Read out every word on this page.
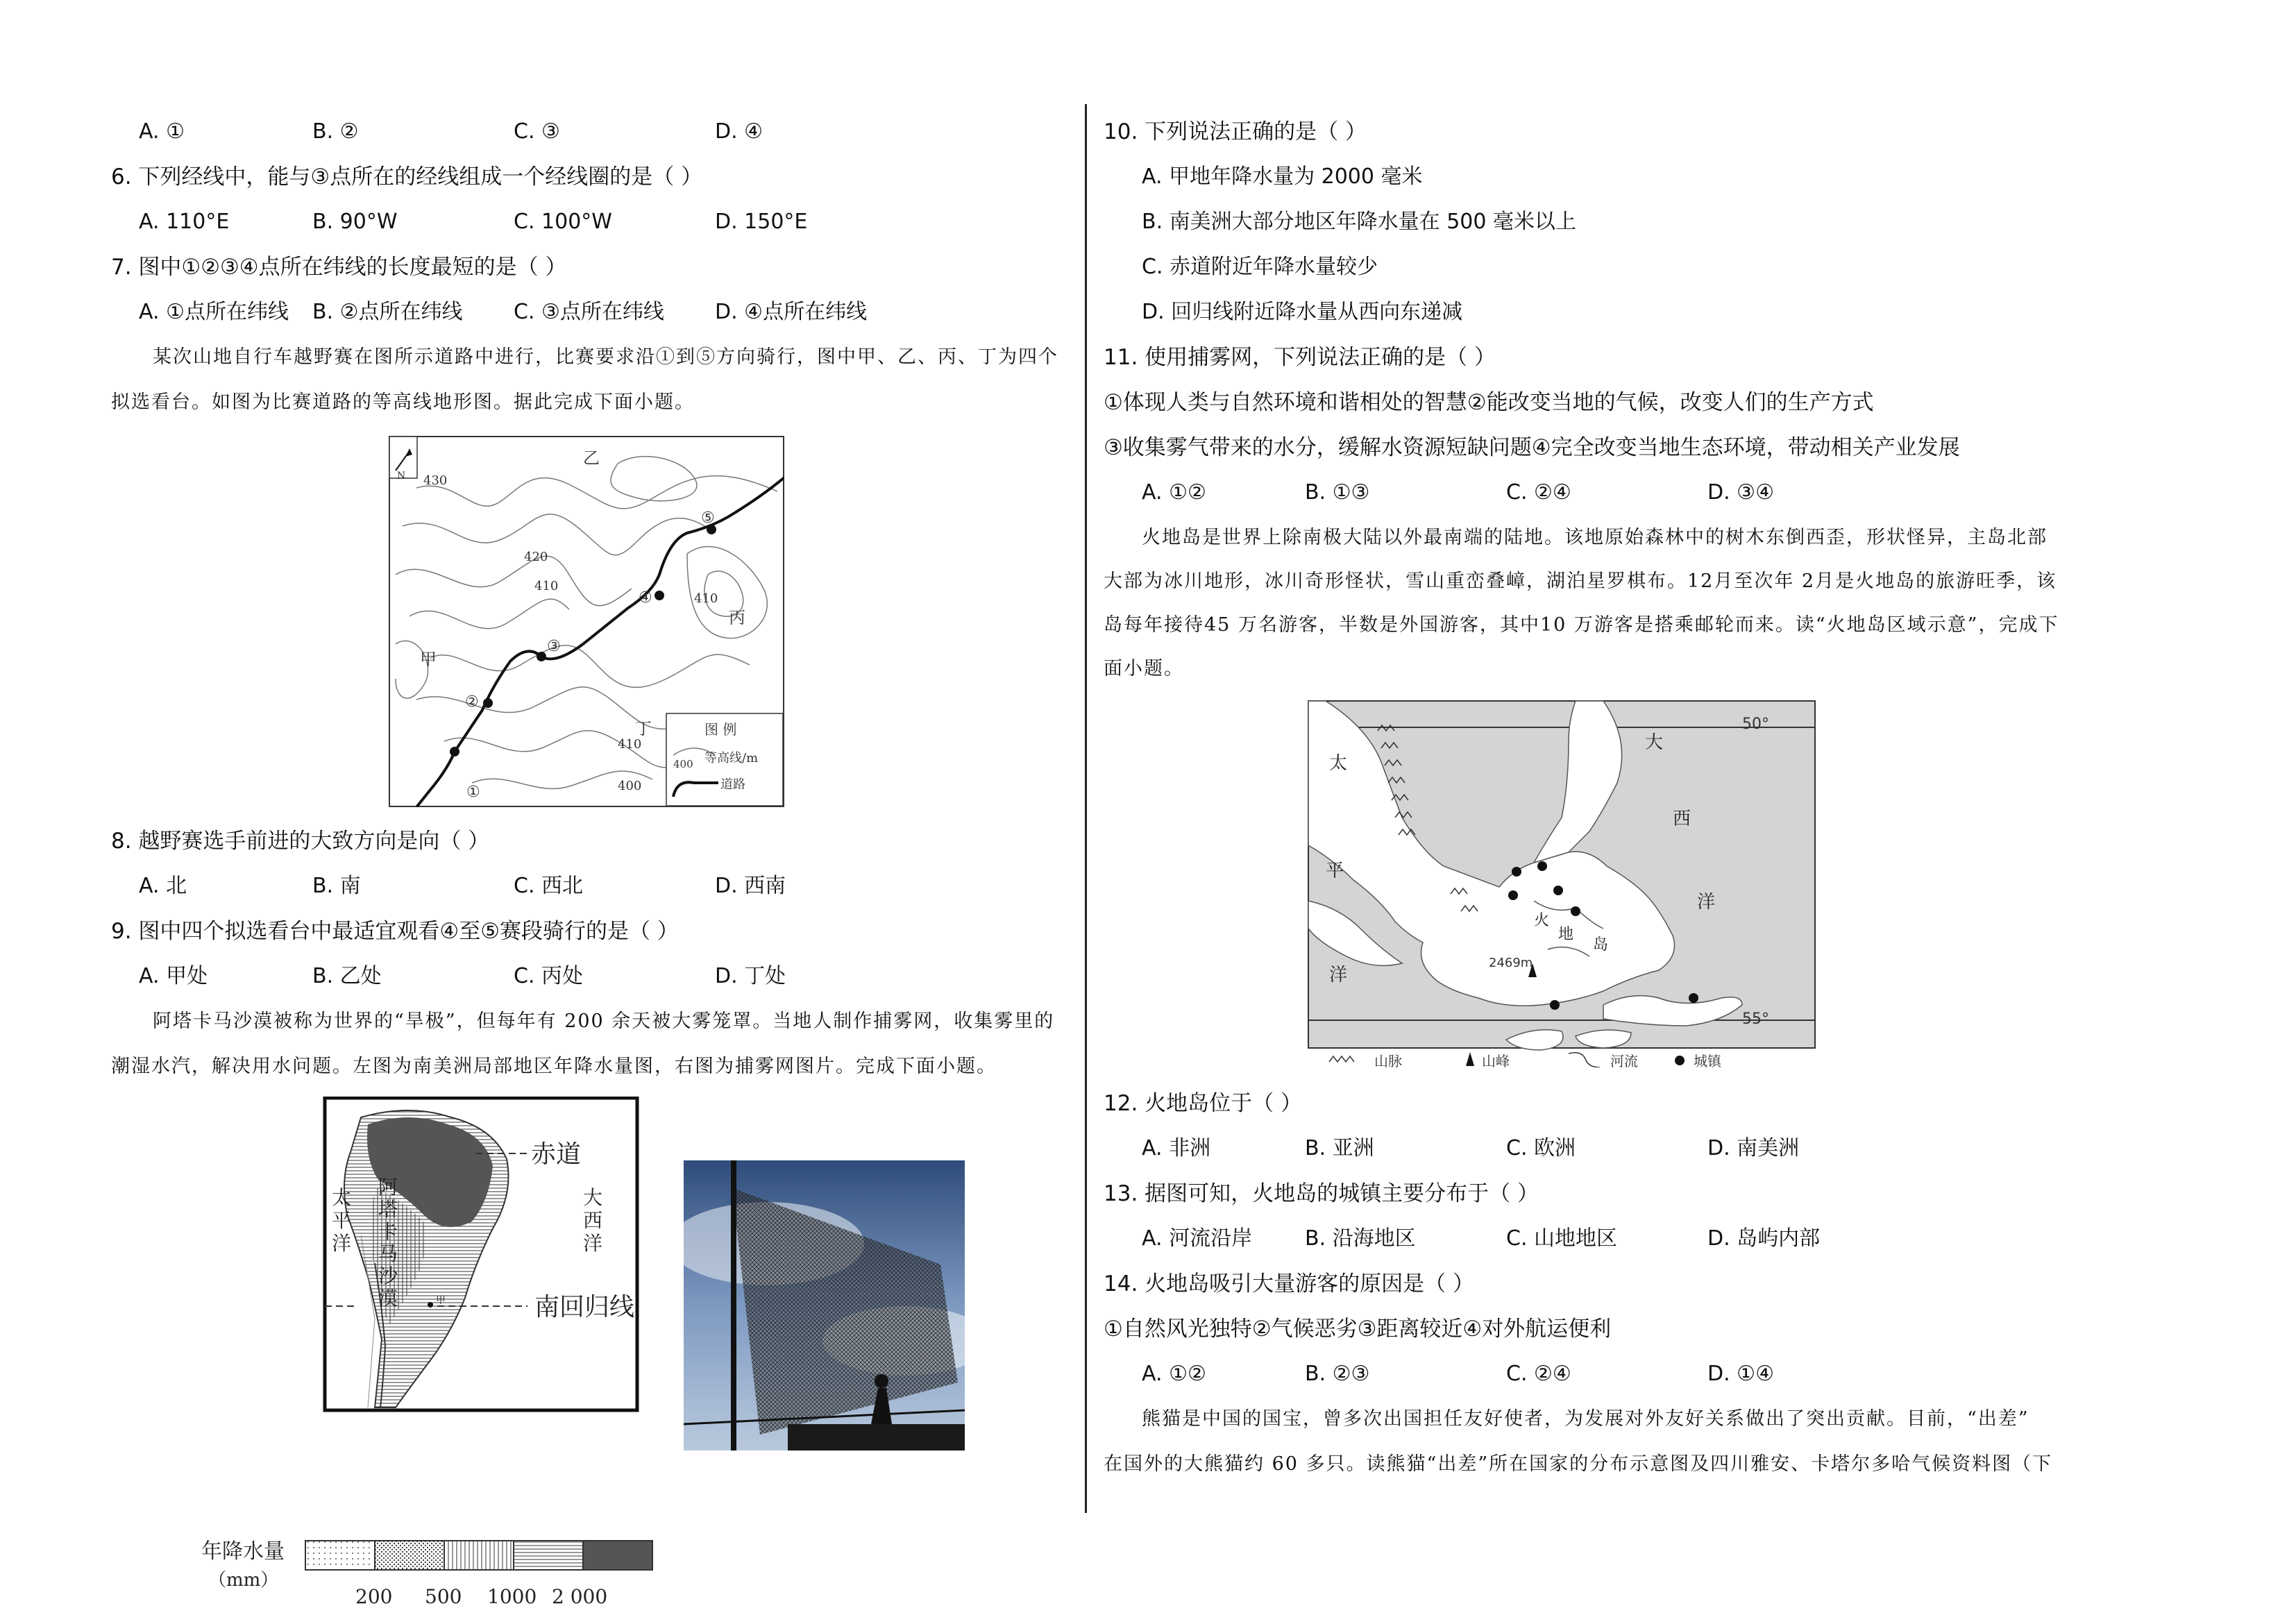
A. ①	B. ②	C. ③	D. ④
6. 下列经线中，能与③点所在的经线组成一个经线圈的是（ ）
A. 110°E	B. 90°W	C. 100°W	D. 150°E
7. 图中①②③④点所在纬线的长度最短的是（ ）
A. ①点所在纬线 B. ②点所在纬线 C. ③点所在纬线 D. ④点所在纬线
某次山地自行车越野赛在图所示道路中进行，比赛要求沿①到⑤方向骑行，图中甲、乙、丙、丁为四个
拟选看台。如图为比赛道路的等高线地形图。据此完成下面小题。
N 430
420
410
410
410
400
甲
乙
丙
丁
①
②
③
④
⑤
图 例
400 等高线/m
道路
8. 越野赛选手前进的大致方向是向（ ）
A. 北	B. 南	C. 西北	D. 西南
9. 图中四个拟选看台中最适宜观看④至⑤赛段骑行的是（ ）
A. 甲处	B. 乙处	C. 丙处	D. 丁处
阿塔卡马沙漠被称为世界的“旱极”，但每年有 200 余天被大雾笼罩。当地人制作捕雾网，收集雾里的
潮湿水汽，解决用水问题。左图为南美洲局部地区年降水量图，右图为捕雾网图片。完成下面小题。
赤道
南回归线
太
平
洋
大
西
洋
阿
塔
卡
马
沙
漠	甲
年降水量
（mm）
200 500 1000 2 000
10. 下列说法正确的是（ ）
A. 甲地年降水量为 2000 毫米
B. 南美洲大部分地区年降水量在 500 毫米以上
C. 赤道附近年降水量较少
D. 回归线附近降水量从西向东递减
11. 使用捕雾网，下列说法正确的是（ ）
①体现人类与自然环境和谐相处的智慧②能改变当地的气候，改变人们的生产方式
③收集雾气带来的水分，缓解水资源短缺问题④完全改变当地生态环境，带动相关产业发展
A. ①②	B. ①③	C. ②④	D. ③④
火地岛是世界上除南极大陆以外最南端的陆地。该地原始森林中的树木东倒西歪，形状怪异，主岛北部
大部为冰川地形，冰川奇形怪状，雪山重峦叠嶂，湖泊星罗棋布。12月至次年 2月是火地岛的旅游旺季，该
岛每年接待45 万名游客，半数是外国游客，其中10 万游客是搭乘邮轮而来。读“火地岛区域示意”，完成下
面小题。
50°
55°
2469m
太
平
洋
大
西
洋
火
地
岛
山脉	山峰	河流	城镇
12. 火地岛位于（ ）
A. 非洲	B. 亚洲	C. 欧洲	D. 南美洲
13. 据图可知，火地岛的城镇主要分布于（ ）
A. 河流沿岸	B. 沿海地区	C. 山地地区	D. 岛屿内部
14. 火地岛吸引大量游客的原因是（ ）
①自然风光独特②气候恶劣③距离较近④对外航运便利
A. ①②	B. ②③	C. ②④	D. ①④
熊猫是中国的国宝，曾多次出国担任友好使者，为发展对外友好关系做出了突出贡献。目前，“出差”
在国外的大熊猫约 60 多只。读熊猫“出差”所在国家的分布示意图及四川雅安、卡塔尔多哈气候资料图（下
